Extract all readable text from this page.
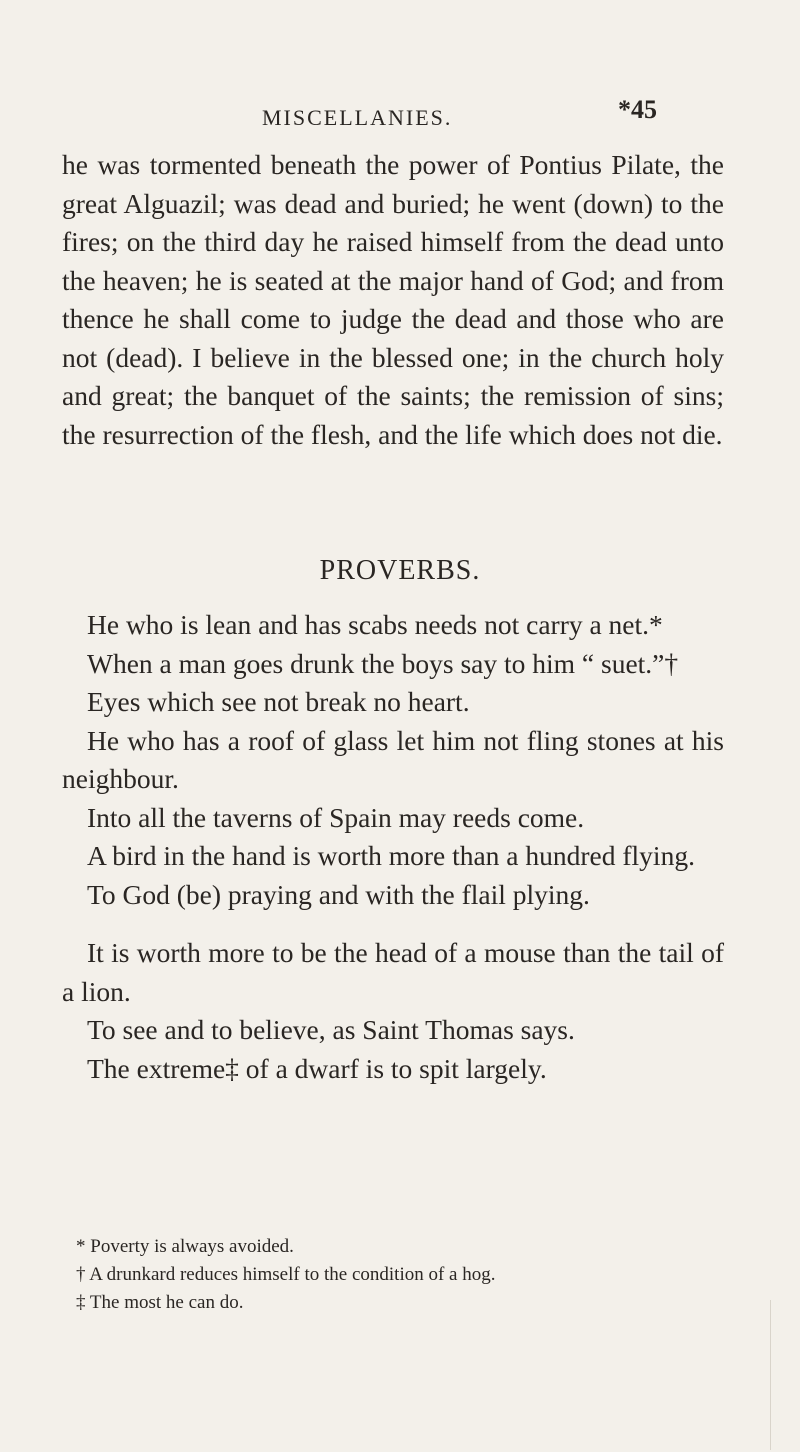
MISCELLANIES.	*45

he was tormented beneath the power of Pontius Pilate, the great Alguazil; was dead and buried; he went (down) to the fires; on the third day he raised himself from the dead unto the heaven; he is seated at the major hand of God; and from thence he shall come to judge the dead and those who are not (dead). I believe in the blessed one; in the church holy and great; the banquet of the saints; the remission of sins; the resurrection of the flesh, and the life which does not die.

PROVERBS.

He who is lean and has scabs needs not carry a net.*

When a man goes drunk the boys say to him “ suet.”†

Eyes which see not break no heart.

He who has a roof of glass let him not fling stones at his neighbour.

Into all the taverns of Spain may reeds come.

A bird in the hand is worth more than a hundred flying.

To God (be) praying and with the flail plying.

It is worth more to be the head of a mouse than the tail of a lion.

To see and to believe, as Saint Thomas says.

The extreme‡ of a dwarf is to spit largely.

* Poverty is always avoided.

† A drunkard reduces himself to the condition of a hog.

‡ The most he can do.
